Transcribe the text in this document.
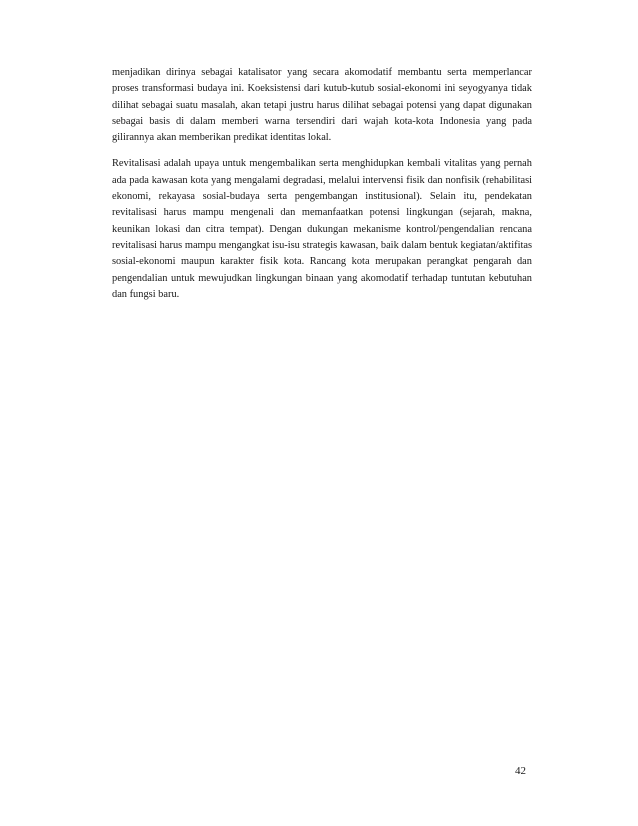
menjadikan dirinya sebagai katalisator yang secara akomodatif membantu serta memperlancar proses transformasi budaya ini. Koeksistensi dari kutub-kutub sosial-ekonomi ini seyogyanya tidak dilihat sebagai suatu masalah, akan tetapi justru harus dilihat sebagai potensi yang dapat digunakan sebagai basis di dalam memberi warna tersendiri dari wajah kota-kota Indonesia yang pada gilirannya akan memberikan predikat identitas lokal.

Revitalisasi adalah upaya untuk mengembalikan serta menghidupkan kembali vitalitas yang pernah ada pada kawasan kota yang mengalami degradasi, melalui intervensi fisik dan nonfisik (rehabilitasi ekonomi, rekayasa sosial-budaya serta pengembangan institusional). Selain itu, pendekatan revitalisasi harus mampu mengenali dan memanfaatkan potensi lingkungan (sejarah, makna, keunikan lokasi dan citra tempat). Dengan dukungan mekanisme kontrol/pengendalian rencana revitalisasi harus mampu mengangkat isu-isu strategis kawasan, baik dalam bentuk kegiatan/aktifitas sosial-ekonomi maupun karakter fisik kota. Rancang kota merupakan perangkat pengarah dan pengendalian untuk mewujudkan lingkungan binaan yang akomodatif terhadap tuntutan kebutuhan dan fungsi baru.

42
